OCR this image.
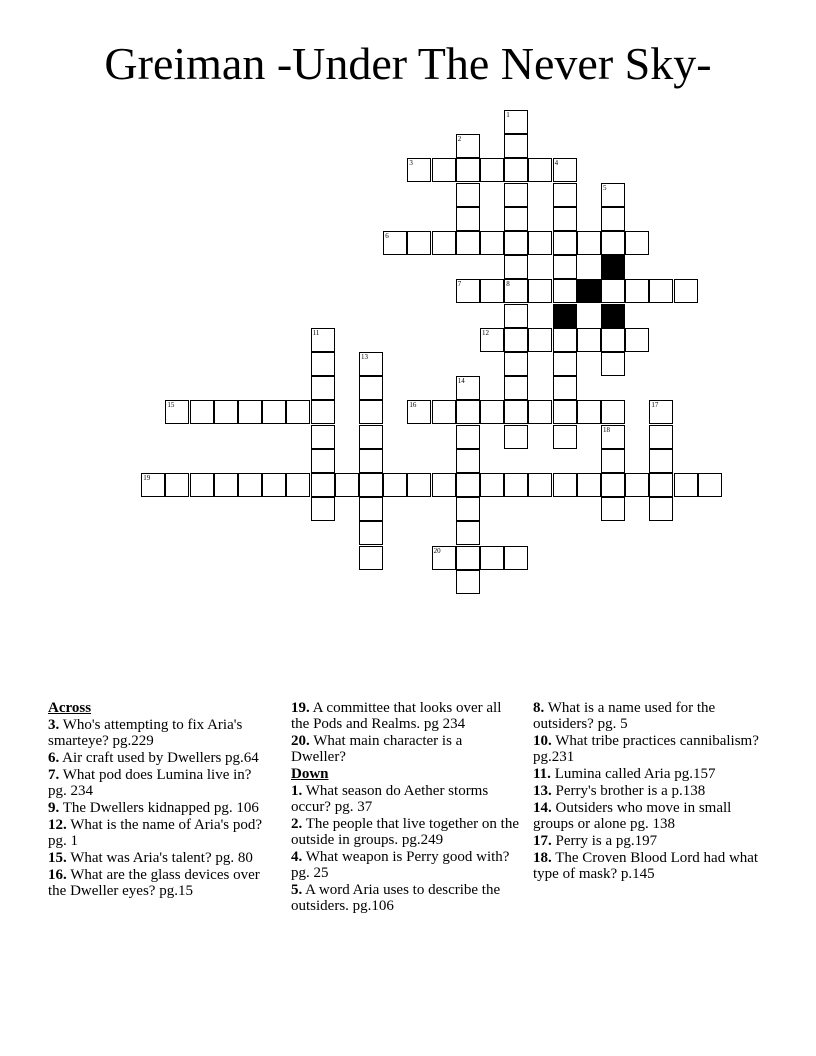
Greiman -Under The Never Sky-
1
8
2
3	4
5
6
7
11	12
13
14
15	16	17
18
19
20
Across
3. Who's attempting to fix Aria's smarteye? pg.229
6. Air craft used by Dwellers pg.64
7. What pod does Lumina live in? pg. 234
9. The Dwellers kidnapped pg. 106
12. What is the name of Aria's pod? pg. 1
15. What was Aria's talent? pg. 80
16. What are the glass devices over the Dweller eyes? pg.15
19. A committee that looks over all the Pods and Realms. pg 234
20. What main character is a Dweller?
Down
1. What season do Aether storms occur? pg. 37
2. The people that live together on the outside in groups. pg.249
4. What weapon is Perry good with? pg. 25
5. A word Aria uses to describe the outsiders. pg.106
8. What is a name used for the outsiders? pg. 5
10. What tribe practices cannibalism? pg.231
11. Lumina called Aria pg.157
13. Perry's brother is a p.138
14. Outsiders who move in small groups or alone pg. 138
17. Perry is a pg.197
18. The Croven Blood Lord had what type of mask? p.145
